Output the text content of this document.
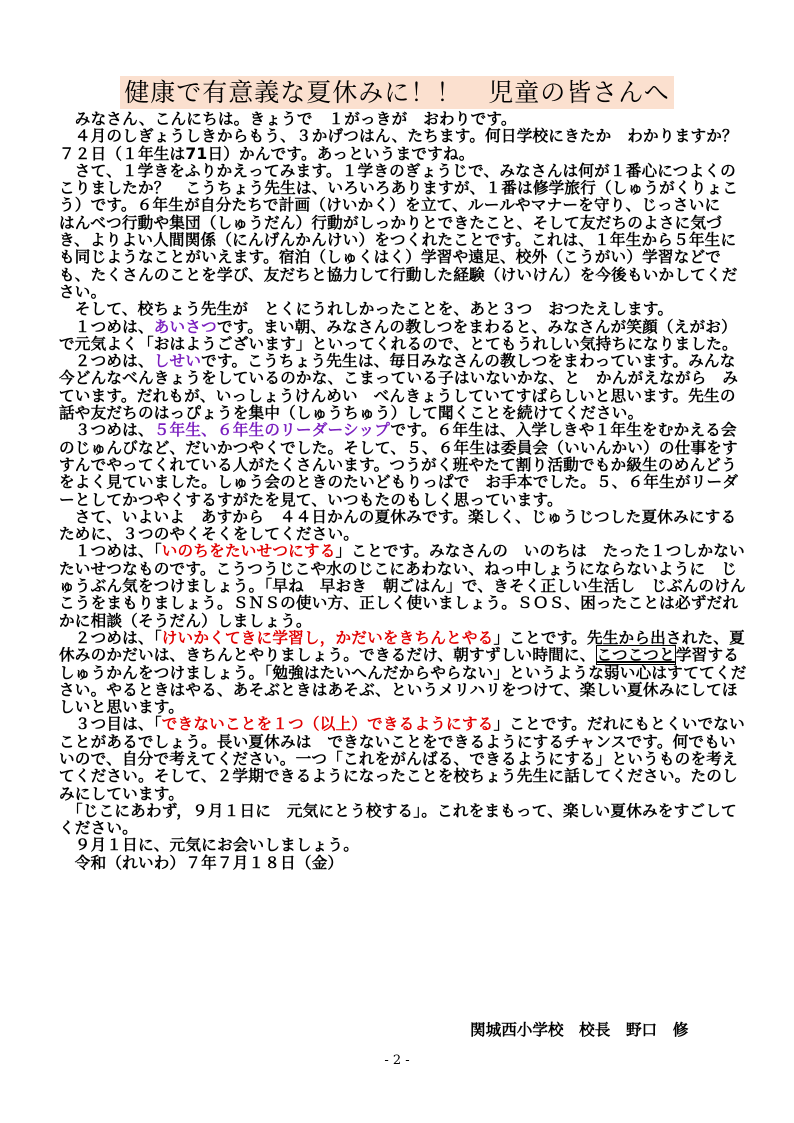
健康で有意義な夏休みに！！　児童の皆さんへ

　みなさん、こんにちは。きょうで　１がっきが　おわりです。

　４月のしぎょうしきからもう、３かげつはん、たちます。何日学校にきたか　わかりますか？　７２日（１年生は71日）かんです。あっというまですね。

　さて、１学きをふりかえってみます。１学きのぎょうじで、みなさんは何が１番心につよくのこりましたか？　こうちょう先生は、いろいろありますが、１番は修学旅行（しゅうがくりょこう）です。６年生が自分たちで計画（けいかく）を立て、ルールやマナーを守り、じっさいに　はんべつ行動や集団（しゅうだん）行動がしっかりとできたこと、そして友だちのよさに気づき、よりよい人間関係（にんげんかんけい）をつくれたことです。これは、１年生から５年生にも同じようなことがいえます。宿泊（しゅくはく）学習や遠足、校外（こうがい）学習などでも、たくさんのことを学び、友だちと協力して行動した経験（けいけん）を今後もいかしてください。

　そして、校ちょう先生が　とくにうれしかったことを、あと３つ　おつたえします。

　１つめは、あいさつです。まい朝、みなさんの教しつをまわると、みなさんが笑顔（えがお）で元気よく「おはようございます」といってくれるので、とてもうれしい気持ちになりました。

　２つめは、しせいです。こうちょう先生は、毎日みなさんの教しつをまわっています。みんな今どんなべんきょうをしているのかな、こまっている子はいないかな、と　かんがえながら　みています。だれもが、いっしょうけんめい　べんきょうしていてすばらしいと思います。先生の話や友だちのはっぴょうを集中（しゅうちゅう）して聞くことを続けてください。

　３つめは、５年生、６年生のリーダーシップです。６年生は、入学しきや１年生をむかえる会のじゅんびなど、だいかつやくでした。そして、５、６年生は委員会（いいんかい）の仕事をすすんでやってくれている人がたくさんいます。つうがく班やたて割り活動でもか級生のめんどうをよく見ていました。しゅう会のときのたいどもりっぱで　お手本でした。５、６年生がリーダーとしてかつやくするすがたを見て、いつもたのもしく思っています。

　さて、いよいよ　あすから　４４日かんの夏休みです。楽しく、じゅうじつした夏休みにするために、３つのやくそくをしてください。

　１つめは、「いのちをたいせつにする」ことです。みなさんの　いのちは　たった１つしかない　たいせつなものです。こうつうじこや水のじこにあわない、ねっ中しょうにならないように　じゅうぶん気をつけましょう。「早ね　早おき　朝ごはん」で、きそく正しい生活し　じぶんのけんこうをまもりましょう。ＳＮＳの使い方、正しく使いましょう。ＳＯＳ、困ったことは必ずだれかに相談（そうだん）しましょう。

　２つめは、「けいかくてきに学習し，かだいをきちんとやる」ことです。先生から出された、夏休みのかだいは、きちんとやりましょう。できるだけ、朝すずしい時間に、こつこつと学習するしゅうかんをつけましょう。「勉強はたいへんだからやらない」というような弱い心はすててください。やるときはやる、あそぶときはあそぶ、というメリハリをつけて、楽しい夏休みにしてほしいと思います。

　３つ目は、「できないことを１つ（以上）できるようにする」ことです。だれにもとくいでないことがあるでしょう。長い夏休みは　できないことをできるようにするチャンスです。何でもいいので、自分で考えてください。一つ「これをがんばる、できるようにする」というものを考えてください。そして、２学期できるようになったことを校ちょう先生に話してください。たのしみにしています。

　「じこにあわず，９月１日に　元気にとう校する」。これをまもって、楽しい夏休みをすごしてください。

　９月１日に、元気にお会いしましょう。

　令和（れいわ）７年７月１８日（金）

関城西小学校　校長　野口　修
- 2 -
